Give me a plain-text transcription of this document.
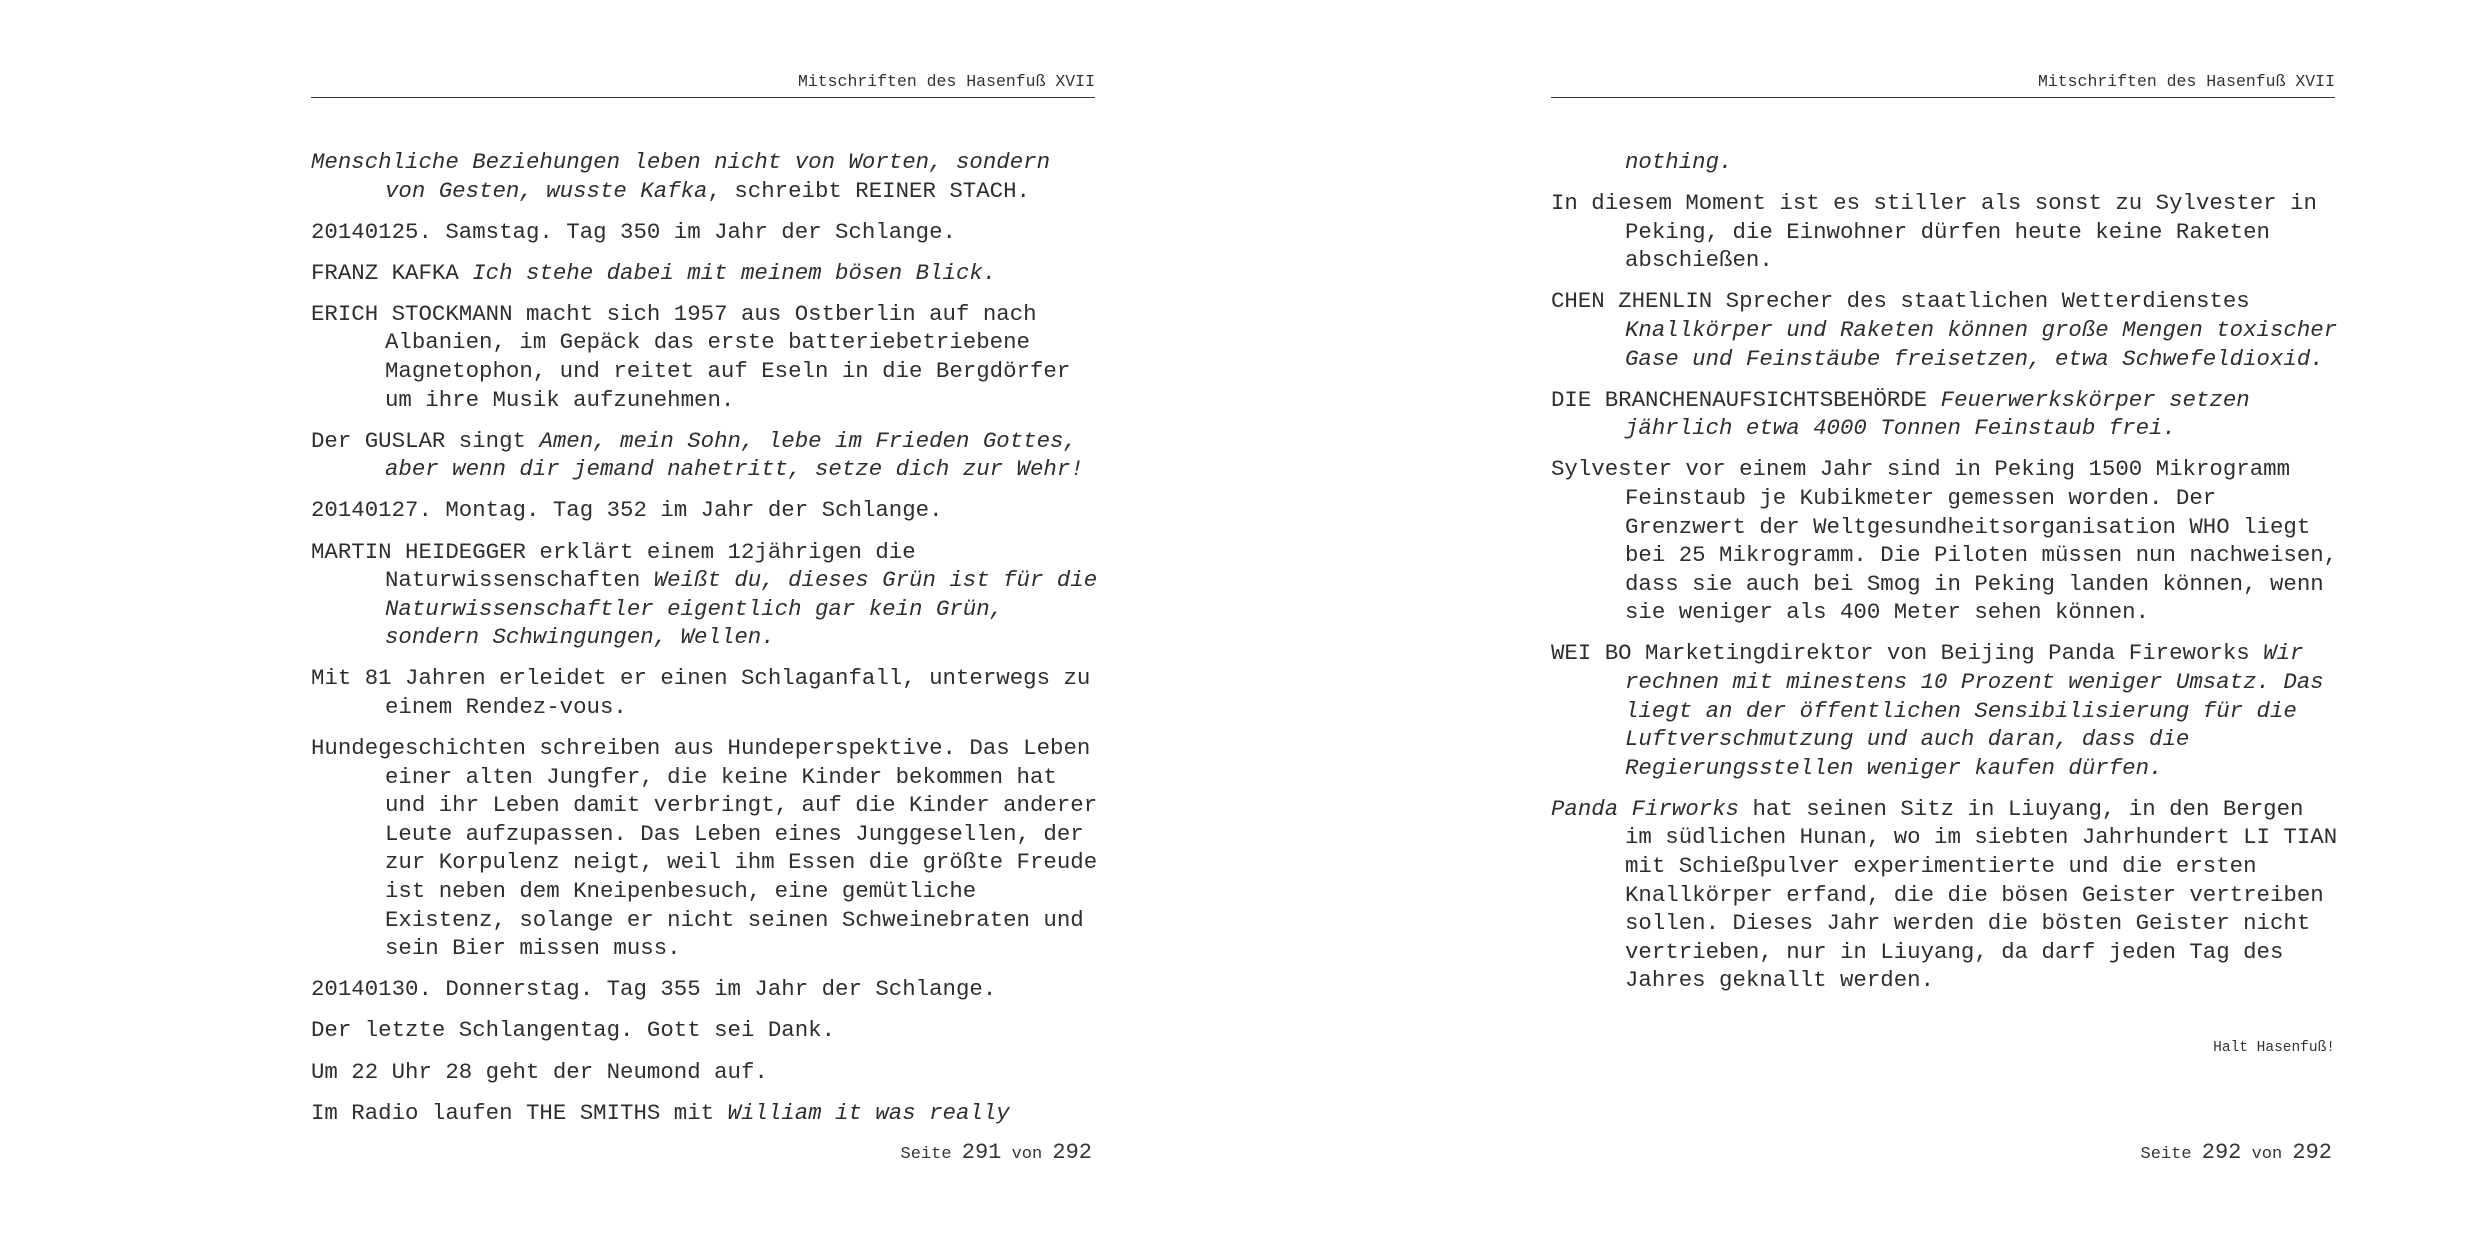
Mitschriften des Hasenfuß XVII

Menschliche Beziehungen leben nicht von Worten, sondern von Gesten, wusste Kafka, schreibt REINER STACH.

20140125. Samstag. Tag 350 im Jahr der Schlange.

FRANZ KAFKA Ich stehe dabei mit meinem bösen Blick.

ERICH STOCKMANN macht sich 1957 aus Ostberlin auf nach Albanien, im Gepäck das erste batteriebetriebene Magnetophon, und reitet auf Eseln in die Bergdörfer um ihre Musik aufzunehmen.

Der GUSLAR singt Amen, mein Sohn, lebe im Frieden Gottes, aber wenn dir jemand nahetritt, setze dich zur Wehr!

20140127. Montag. Tag 352 im Jahr der Schlange.

MARTIN HEIDEGGER erklärt einem 12jährigen die Naturwissenschaften Weißt du, dieses Grün ist für die Naturwissenschaftler eigentlich gar kein Grün, sondern Schwingungen, Wellen.

Mit 81 Jahren erleidet er einen Schlaganfall, unterwegs zu einem Rendez-vous.

Hundegeschichten schreiben aus Hundeperspektive. Das Leben einer alten Jungfer, die keine Kinder bekommen hat und ihr Leben damit verbringt, auf die Kinder anderer Leute aufzupassen. Das Leben eines Junggesellen, der zur Korpulenz neigt, weil ihm Essen die größte Freude ist neben dem Kneipenbesuch, eine gemütliche Existenz, solange er nicht seinen Schweinebraten und sein Bier missen muss.

20140130. Donnerstag. Tag 355 im Jahr der Schlange.

Der letzte Schlangentag. Gott sei Dank.

Um 22 Uhr 28 geht der Neumond auf.

Im Radio laufen THE SMITHS mit William it was really

Seite 291 von 292
Mitschriften des Hasenfuß XVII

nothing.

In diesem Moment ist es stiller als sonst zu Sylvester in Peking, die Einwohner dürfen heute keine Raketen abschießen.

CHEN ZHENLIN Sprecher des staatlichen Wetterdienstes Knallkörper und Raketen können große Mengen toxischer Gase und Feinstäube freisetzen, etwa Schwefeldioxid.

DIE BRANCHENAUFSICHTSBEHÖRDE Feuerwerkskörper setzen jährlich etwa 4000 Tonnen Feinstaub frei.

Sylvester vor einem Jahr sind in Peking 1500 Mikrogramm Feinstaub je Kubikmeter gemessen worden. Der Grenzwert der Weltgesundheitsorganisation WHO liegt bei 25 Mikrogramm. Die Piloten müssen nun nachweisen, dass sie auch bei Smog in Peking landen können, wenn sie weniger als 400 Meter sehen können.

WEI BO Marketingdirektor von Beijing Panda Fireworks Wir rechnen mit minestens 10 Prozent weniger Umsatz. Das liegt an der öffentlichen Sensibilisierung für die Luftverschmutzung und auch daran, dass die Regierungsstellen weniger kaufen dürfen.

Panda Firworks hat seinen Sitz in Liuyang, in den Bergen im südlichen Hunan, wo im siebten Jahrhundert LI TIAN mit Schießpulver experimentierte und die ersten Knallkörper erfand, die die bösen Geister vertreiben sollen. Dieses Jahr werden die bösten Geister nicht vertrieben, nur in Liuyang, da darf jeden Tag des Jahres geknallt werden.

Halt Hasenfuß!
Seite 292 von 292
